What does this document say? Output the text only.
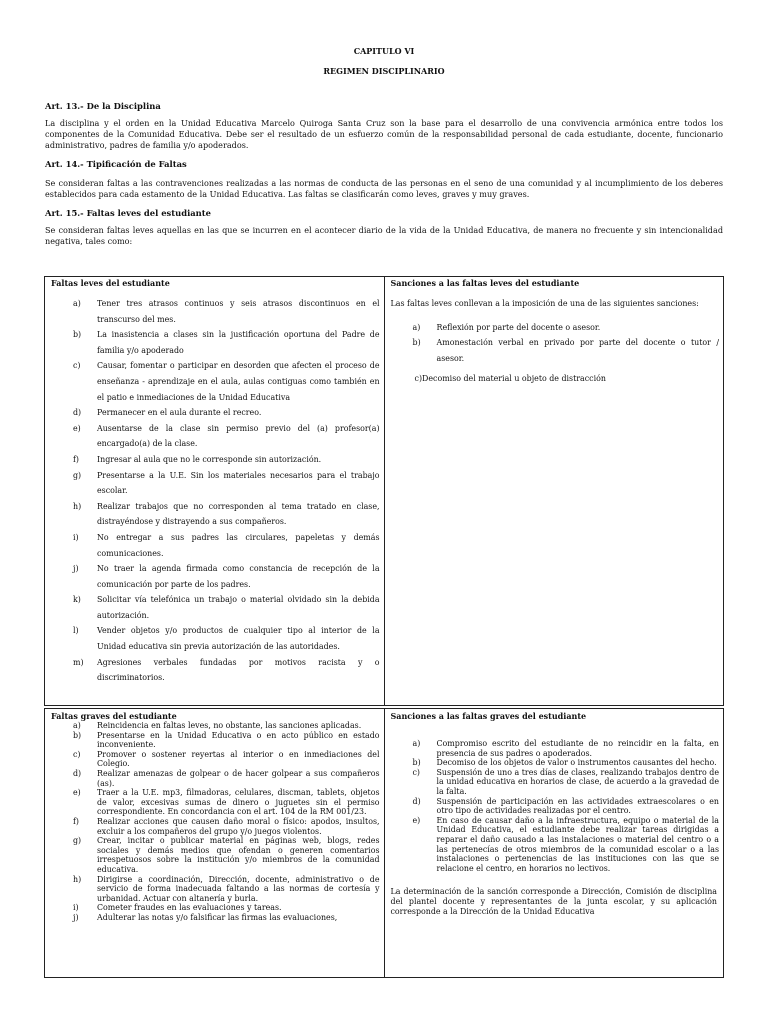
CAPITULO VI
REGIMEN DISCIPLINARIO
Art. 13.- De la Disciplina
La disciplina y el orden en la Unidad Educativa Marcelo Quiroga Santa Cruz son la base para el desarrollo de una convivencia armónica entre todos los componentes de la Comunidad Educativa. Debe ser el resultado de un esfuerzo común de la responsabilidad personal de cada estudiante, docente, funcionario administrativo, padres de familia y/o apoderados.
Art. 14.- Tipificación de Faltas
Se consideran faltas a las contravenciones realizadas a las normas de conducta de las personas en el seno de una comunidad y al incumplimiento de los deberes establecidos para cada estamento de la Unidad Educativa. Las faltas se clasificarán como leves, graves y muy graves.
Art. 15.- Faltas leves del estudiante
Se consideran faltas leves aquellas en las que se incurren en el acontecer diario de la vida de la Unidad Educativa, de manera no frecuente y sin intencionalidad negativa, tales como:
Faltas leves del estudiante
a) Tener tres atrasos continuos y seis atrasos discontinuos en el transcurso del mes.
b) La inasistencia a clases sin la justificación oportuna del Padre de familia y/o apoderado
c) Causar, fomentar o participar en desorden que afecten el proceso de enseñanza - aprendizaje en el aula, aulas contiguas como también en el patio e inmediaciones de la Unidad Educativa
d) Permanecer en el aula durante el recreo.
e) Ausentarse de la clase sin permiso previo del (a) profesor(a) encargado(a) de la clase.
f) Ingresar al aula que no le corresponde sin autorización.
g) Presentarse a la U.E. Sin los materiales necesarios para el trabajo escolar.
h) Realizar trabajos que no corresponden al tema tratado en clase, distrayéndose y distrayendo a sus compañeros.
i) No entregar a sus padres las circulares, papeletas y demás comunicaciones.
j) No traer la agenda firmada como constancia de recepción de la comunicación por parte de los padres.
k) Solicitar vía telefónica un trabajo o material olvidado sin la debida autorización.
l) Vender objetos y/o productos de cualquier tipo al interior de la Unidad educativa sin previa autorización de las autoridades.
m) Agresiones verbales fundadas por motivos racista y o discriminatorios.

Sanciones a las faltas leves del estudiante
Las faltas leves conllevan a la imposición de una de las siguientes sanciones:
a) Reflexión por parte del docente o asesor.
b) Amonestación verbal en privado por parte del docente o tutor / asesor.
c)Decomiso del material u objeto de distracción
Faltas graves del estudiante
a) Reincidencia en faltas leves, no obstante, las sanciones aplicadas.
b) Presentarse en la Unidad Educativa o en acto público en estado inconveniente.
c) Promover o sostener reyertas al interior o en inmediaciones del Colegio.
d) Realizar amenazas de golpear o de hacer golpear a sus compañeros (as).
e) Traer a la U.E. mp3, filmadoras, celulares, discman, tablets, objetos de valor, excesivas sumas de dinero o juguetes sin el permiso correspondiente. En concordancia con el art. 104 de la RM 001/23.
f) Realizar acciones que causen daño moral o físico: apodos, insultos, excluir a los compañeros del grupo y/o juegos violentos.
g) Crear, incitar o publicar material en páginas web, blogs, redes sociales y demás medios que ofendan o generen comentarios irrespetuosos sobre la institución y/o miembros de la comunidad educativa.
h) Dirigirse a coordinación, Dirección, docente, administrativo o de servicio de forma inadecuada faltando a las normas de cortesía y urbanidad. Actuar con altanería y burla.
i) Cometer fraudes en las evaluaciones y tareas.
j) Adulterar las notas y/o falsificar las firmas las evaluaciones,

Sanciones a las faltas graves del estudiante
a) Compromiso escrito del estudiante de no reincidir en la falta, en presencia de sus padres o apoderados.
b) Decomiso de los objetos de valor o instrumentos causantes del hecho.
c) Suspensión de uno a tres días de clases, realizando trabajos dentro de la unidad educativa en horarios de clase, de acuerdo a la gravedad de la falta.
d) Suspensión de participación en las actividades extraescolares o en otro tipo de actividades realizadas por el centro.
e) En caso de causar daño a la infraestructura, equipo o material de la Unidad Educativa, el estudiante debe realizar tareas dirigidas a reparar el daño causado a las instalaciones o material del centro o a las pertenecías de otros miembros de la comunidad escolar o a las instalaciones o pertenencias de las instituciones con las que se relacione el centro, en horarios no lectivos.
La determinación de la sanción corresponde a Dirección, Comisión de disciplina del plantel docente y representantes de la junta escolar, y su aplicación corresponde a la Dirección de la Unidad Educativa
